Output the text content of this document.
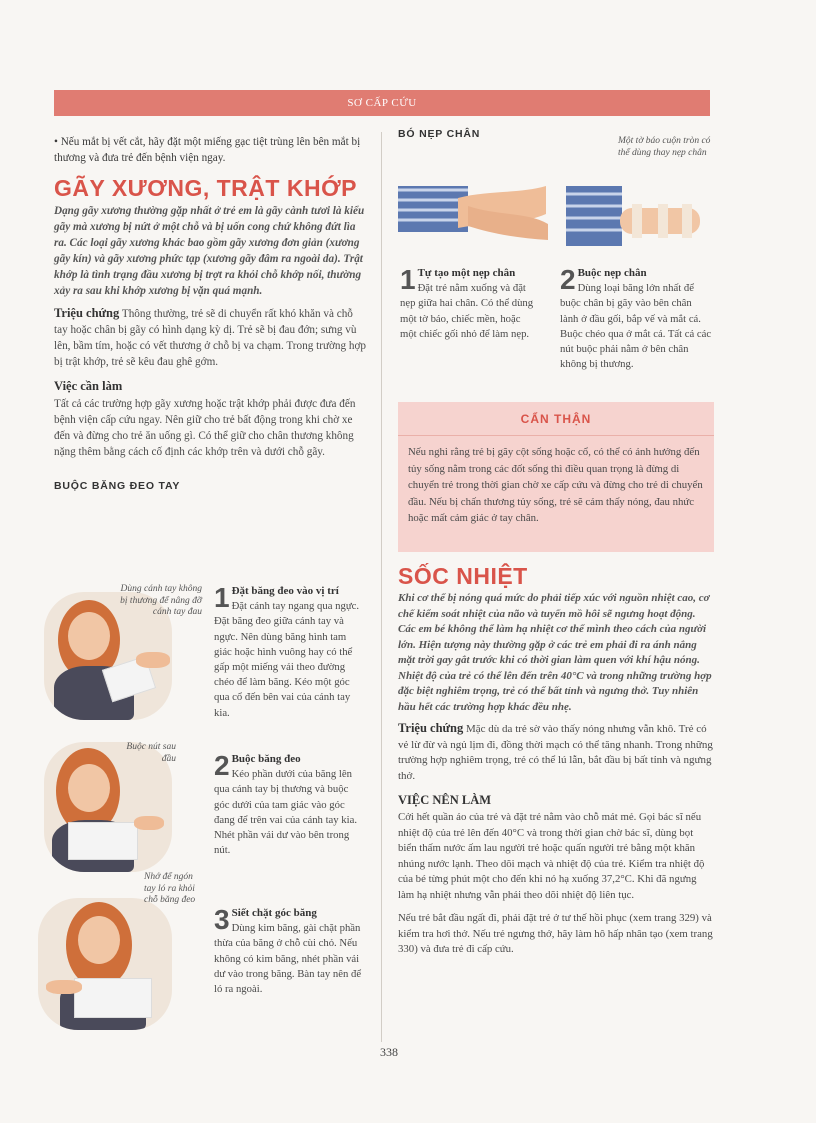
SƠ CẤP CỨU

• Nếu mắt bị vết cắt, hãy đặt một miếng gạc tiệt trùng lên bên mắt bị thương và đưa trẻ đến bệnh viện ngay.

GÃY XƯƠNG, TRẬT KHỚP

Dạng gãy xương thường gặp nhất ở trẻ em là gãy cành tươi là kiểu gãy mà xương bị nứt ở một chỗ và bị uốn cong chứ không đứt lìa ra. Các loại gãy xương khác bao gồm gãy xương đơn giản (xương gãy kín) và gãy xương phức tạp (xương gãy đâm ra ngoài da). Trật khớp là tình trạng đầu xương bị trợt ra khỏi chỗ khớp nối, thường xảy ra sau khi khớp xương bị vặn quá mạnh.

Triệu chứng Thông thường, trẻ sẽ di chuyển rất khó khăn và chỗ tay hoặc chân bị gãy có hình dạng kỳ dị. Trẻ sẽ bị đau đớn; sưng vù lên, bầm tím, hoặc có vết thương ở chỗ bị va chạm. Trong trường hợp bị trật khớp, trẻ sẽ kêu đau ghê gớm.

Việc cần làm

Tất cả các trường hợp gãy xương hoặc trật khớp phải được đưa đến bệnh viện cấp cứu ngay. Nên giữ cho trẻ bất động trong khi chờ xe đến và đừng cho trẻ ăn uống gì. Có thể giữ cho chân thương không nặng thêm bằng cách cố định các khớp trên và dưới chỗ gãy.

BUỘC BĂNG ĐEO TAY

Dùng cánh tay không bị thương để nâng đỡ cánh tay đau
Buộc nút sau đầu
Nhớ để ngón tay ló ra khỏi chỗ băng đeo
1 Đặt băng đeo vào vị trí
Đặt cánh tay ngang qua ngực. Đặt băng đeo giữa cánh tay và ngực. Nên dùng băng hình tam giác hoặc hình vuông hay có thể gấp một miếng vải theo đường chéo để làm băng. Kéo một góc qua cổ đến bên vai của cánh tay kia.
2 Buộc băng đeo
Kéo phần dưới của băng lên qua cánh tay bị thương và buộc góc dưới của tam giác vào góc đang để trên vai của cánh tay kia. Nhét phần vải dư vào bên trong nút.
3 Siết chặt góc băng
Dùng kim băng, gài chặt phần thừa của băng ở chỗ cùi chỏ. Nếu không có kim băng, nhét phần vải dư vào trong băng. Bàn tay nên để ló ra ngoài.
BÓ NẸP CHÂN
Một tờ báo cuộn tròn có thể dùng thay nẹp chân
1 Tự tạo một nẹp chân
Đặt trẻ nằm xuống và đặt nẹp giữa hai chân. Có thể dùng một tờ báo, chiếc mền, hoặc một chiếc gối nhỏ để làm nẹp.
2 Buộc nẹp chân
Dùng loại băng lớn nhất để buộc chân bị gãy vào bên chân lành ở đầu gối, bắp vế và mắt cá. Buộc chéo qua ở mắt cá. Tất cả các nút buộc phải nằm ở bên chân không bị thương.
CẨN THẬN
Nếu nghi rằng trẻ bị gãy cột sống hoặc cổ, có thể có ảnh hưởng đến tủy sống nằm trong các đốt sống thì điều quan trọng là đừng di chuyển trẻ trong thời gian chờ xe cấp cứu và đừng cho trẻ di chuyển đầu. Nếu bị chấn thương tủy sống, trẻ sẽ cảm thấy nóng, đau nhức hoặc mất cảm giác ở tay chân.
SỐC NHIỆT

Khi cơ thể bị nóng quá mức do phải tiếp xúc với nguồn nhiệt cao, cơ chế kiểm soát nhiệt của não và tuyến mồ hôi sẽ ngưng hoạt động. Các em bé không thể làm hạ nhiệt cơ thể mình theo cách của người lớn. Hiện tượng này thường gặp ở các trẻ em phải đi ra ánh nắng mặt trời gay gắt trước khi có thời gian làm quen với khí hậu nóng. Nhiệt độ của trẻ có thể lên đến trên 40°C và trong những trường hợp đặc biệt nghiêm trọng, trẻ có thể bất tỉnh và ngưng thở. Tuy nhiên hầu hết các trường hợp khác đều nhẹ.

Triệu chứng Mặc dù da trẻ sờ vào thấy nóng nhưng vẫn khô. Trẻ có vẻ lừ đừ và ngủ lịm đi, đồng thời mạch có thể tăng nhanh. Trong những trường hợp nghiêm trọng, trẻ có thể lú lẫn, bắt đầu bị bất tỉnh và ngưng thở.

VIỆC NÊN LÀM

Cởi hết quần áo của trẻ và đặt trẻ nằm vào chỗ mát mẻ. Gọi bác sĩ nếu nhiệt độ của trẻ lên đến 40°C và trong thời gian chờ bác sĩ, dùng bọt biển thấm nước ấm lau người trẻ hoặc quấn người trẻ bằng một khăn nhúng nước lạnh. Theo dõi mạch và nhiệt độ của trẻ. Kiểm tra nhiệt độ của bé từng phút một cho đến khi nó hạ xuống 37,2°C. Khi đã ngưng làm hạ nhiệt nhưng vẫn phải theo dõi nhiệt độ liên tục.

Nếu trẻ bắt đầu ngất đi, phải đặt trẻ ở tư thế hồi phục (xem trang 329) và kiểm tra hơi thở. Nếu trẻ ngưng thở, hãy làm hô hấp nhân tạo (xem trang 330) và đưa trẻ đi cấp cứu.

338
